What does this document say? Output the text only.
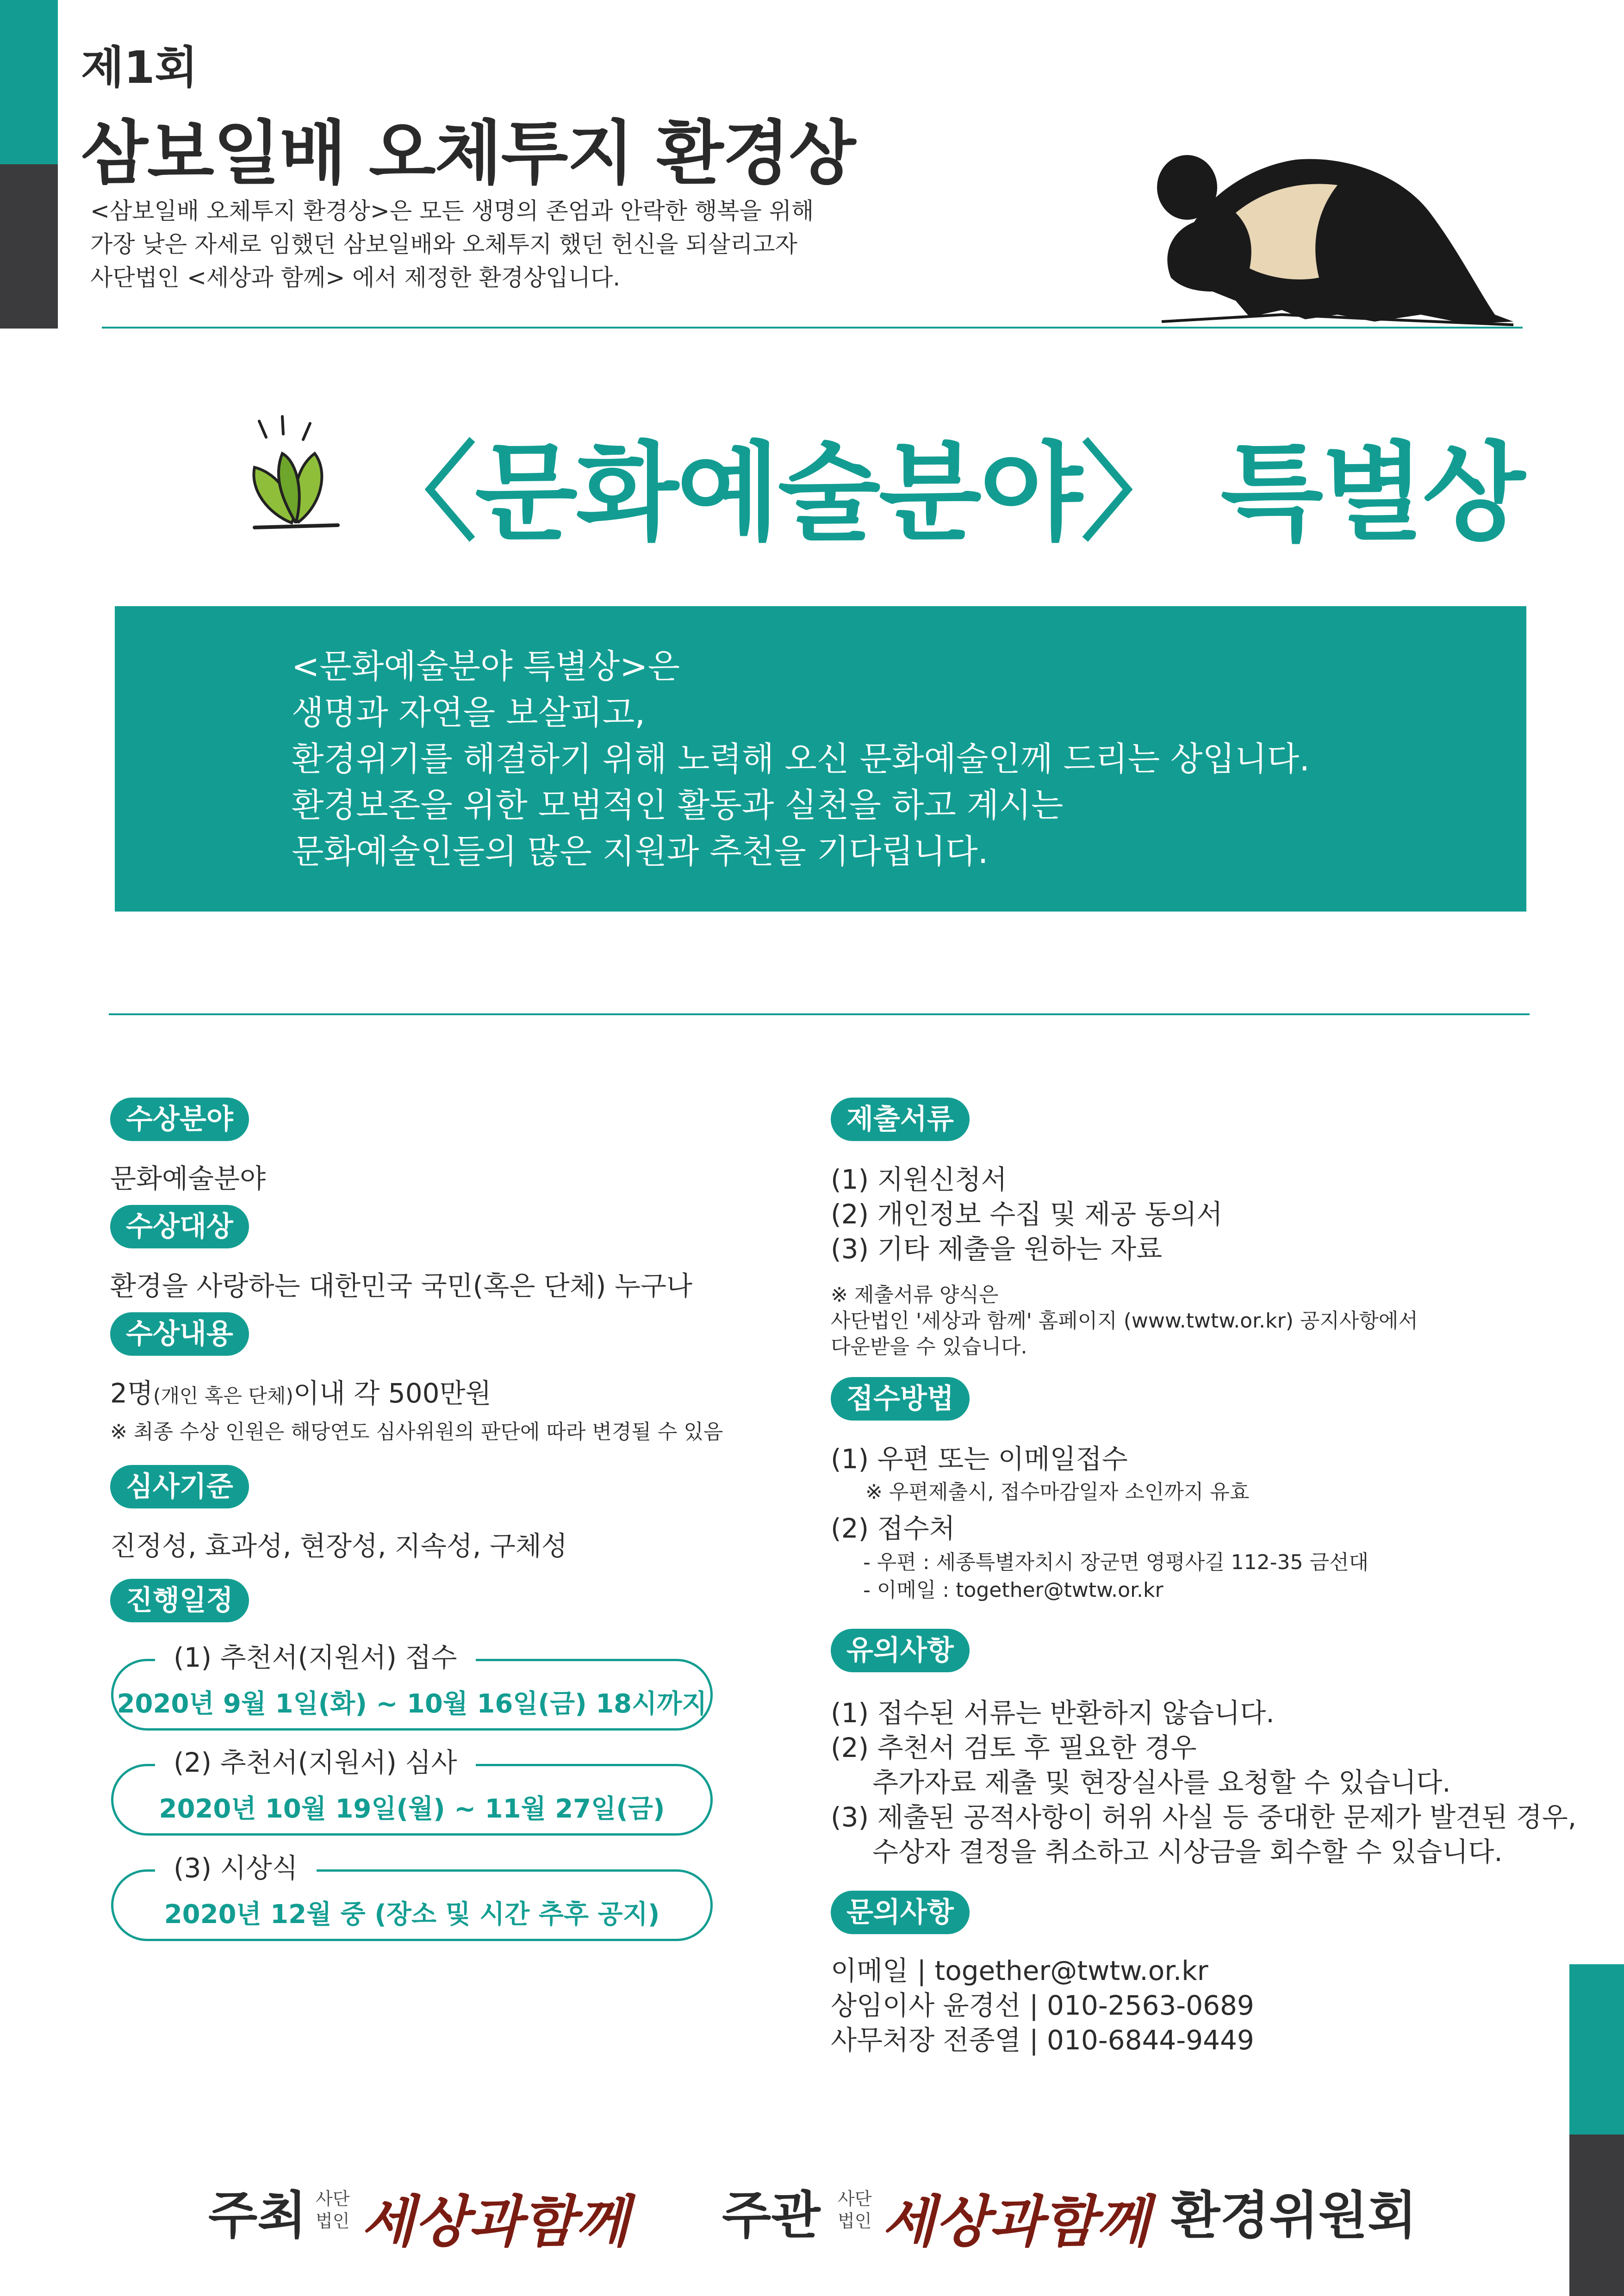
제1회
삼보일배 오체투지 환경상
<삼보일배 오체투지 환경상>은 모든 생명의 존엄과 안락한 행복을 위해
가장 낮은 자세로 임했던 삼보일배와 오체투지 했던 헌신을 되살리고자
사단법인 <세상과 함께> 에서 제정한 환경상입니다.
〈문화예술분야〉 특별상
<문화예술분야 특별상>은
생명과 자연을 보살피고,
환경위기를 해결하기 위해 노력해 오신 문화예술인께 드리는 상입니다.
환경보존을 위한 모범적인 활동과 실천을 하고 계시는
문화예술인들의 많은 지원과 추천을 기다립니다.
수상분야
문화예술분야
수상대상
환경을 사랑하는 대한민국 국민(혹은 단체) 누구나
수상내용
2명(개인 혹은 단체)이내 각 500만원
※ 최종 수상 인원은 해당연도 심사위원의 판단에 따라 변경될 수 있음
심사기준
진정성, 효과성, 현장성, 지속성, 구체성
진행일정
(1) 추천서(지원서) 접수
2020년 9월 1일(화) ~ 10월 16일(금) 18시까지
(2) 추천서(지원서) 심사
2020년 10월 19일(월) ~ 11월 27일(금)
(3) 시상식
2020년 12월 중 (장소 및 시간 추후 공지)
제출서류
(1) 지원신청서
(2) 개인정보 수집 및 제공 동의서
(3) 기타 제출을 원하는 자료
※ 제출서류 양식은
사단법인 '세상과 함께' 홈페이지 (www.twtw.or.kr) 공지사항에서
다운받을 수 있습니다.
접수방법
(1) 우편 또는 이메일접수
※ 우편제출시, 접수마감일자 소인까지 유효
(2) 접수처
- 우편 : 세종특별자치시 장군면 영평사길 112-35 금선대
- 이메일 : together@twtw.or.kr
유의사항
(1) 접수된 서류는 반환하지 않습니다.
(2) 추천서 검토 후 필요한 경우
추가자료 제출 및 현장실사를 요청할 수 있습니다.
(3) 제출된 공적사항이 허위 사실 등 중대한 문제가 발견된 경우,
수상자 결정을 취소하고 시상금을 회수할 수 있습니다.
문의사항
이메일 | together@twtw.or.kr
상임이사 윤경선 | 010-2563-0689
사무처장 전종열 | 010-6844-9449
주최 사단
법인 세상과함께 주관 사단
법인 세상과함께 환경위원회
